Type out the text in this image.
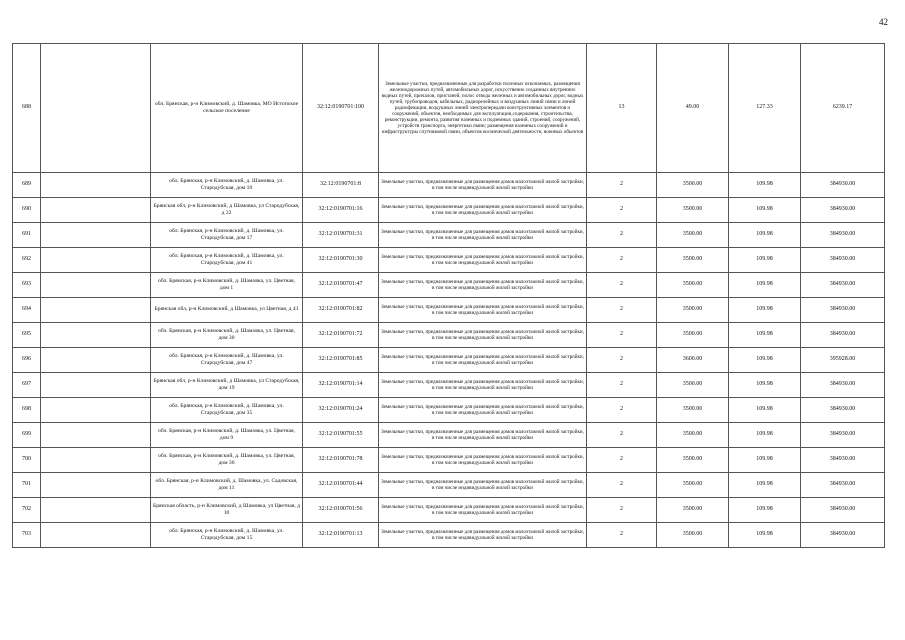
42
688		обл. Брянская, р-н Климовский, д. Шамовка, МО Истопское сельское поселение	32:12:0190701:100	Земельные участки, предназначенные для разработки полезных ископаемых, размещения железнодорожных путей, автомобильных дорог, искусственно созданных внутренних водных путей, причалов, пристаней, полос отвода железных и автомобильных дорог, водных путей, трубопроводов, кабельных, радиорелейных и воздушных линий связи и линий радиофикации, воздушных линий электропередачи конструктивных элементов и сооружений, объектов, необходимых для эксплуатации,содержания, строительства, реконструкции, ремонта, развития наземных и подземных зданий, строений, сооружений, устройств транспорта, энергетики связи; размещения наземных сооружений и инфраструктуры спутниковой связи, объектов космической деятельности, военных объектов	13	49.00	127.33	6239.17
689		обл. Брянская, р-н Климовский, д. Шамовка, ул. Стародубская, дом 10	32:12:0190701:8	Земельные участки, предназначенные для размещения домов малоэтажной жилой застройки, в том числе индивидуальной жилой застройки	2	3500.00	109.98	384930.00
690		Брянская обл, р-н Климовский, д Шамовка, ул Стародубская, д 22	32:12:0190701:16	Земельные участки, предназначенные для размещения домов малоэтажной жилой застройки, в том числе индивидуальной жилой застройки	2	3500.00	109.98	384930.00
691		обл. Брянская, р-н Климовский, д. Шамовка, ул. Стародубская, дом 17	32:12:0190701:31	Земельные участки, предназначенные для размещения домов малоэтажной жилой застройки, в том числе индивидуальной жилой застройки	2	3500.00	109.98	384930.00
692		обл. Брянская, р-н Климовский, д. Шамовка, ул. Стародубская, дом 41	32:12:0190701:30	Земельные участки, предназначенные для размещения домов малоэтажной жилой застройки, в том числе индивидуальной жилой застройки	2	3500.00	109.98	384930.00
693		обл. Брянская, р-н Климовский, д. Шамовка, ул. Цветная, дом 1	32:12:0190701:47	Земельные участки, предназначенные для размещения домов малоэтажной жилой застройки, в том числе индивидуальной жилой застройки	2	3500.00	109.98	384930.00
694		Брянская обл, р-н Климовский, д Шамовка, ул Цветная, д 41	32:12:0190701:82	Земельные участки, предназначенные для размещения домов малоэтажной жилой застройки, в том числе индивидуальной жилой застройки	2	3500.00	109.98	384930.00
695		обл. Брянская, р-н Климовский, д. Шамовка, ул. Цветная, дом 30	32:12:0190701:72	Земельные участки, предназначенные для размещения домов малоэтажной жилой застройки, в том числе индивидуальной жилой застройки	2	3500.00	109.98	384930.00
696		обл. Брянская, р-н Климовский, д. Шамовка, ул. Стародубская, дом 47	32:12:0190701:85	Земельные участки, предназначенные для размещения домов малоэтажной жилой застройки, в том числе индивидуальной жилой застройки	2	3600.00	109.98	395928.00
697		Брянская обл, р-н Климовский, д Шамовка, ул Стародубская, дом 19	32:12:0190701:14	Земельные участки, предназначенные для размещения домов малоэтажной жилой застройки, в том числе индивидуальной жилой застройки	2	3500.00	109.98	384930.00
698		обл. Брянская, р-н Климовский, д. Шамовка, ул. Стародубская, дом 35	32:12:0190701:24	Земельные участки, предназначенные для размещения домов малоэтажной жилой застройки, в том числе индивидуальной жилой застройки	2	3500.00	109.98	384930.00
699		обл. Брянская, р-н Климовский, д. Шамовка, ул. Цветная, дом 9	32:12:0190701:55	Земельные участки, предназначенные для размещения домов малоэтажной жилой застройки, в том числе индивидуальной жилой застройки	2	3500.00	109.98	384930.00
700		обл. Брянская, р-н Климовский, д. Шамовка, ул. Цветная, дом 36	32:12:0190701:78	Земельные участки, предназначенные для размещения домов малоэтажной жилой застройки, в том числе индивидуальной жилой застройки	2	3500.00	109.98	384930.00
701		обл. Брянская, р-н Климовский, д. Шамовка, ул. Садовская, дом 11	32:12:0190701:44	Земельные участки, предназначенные для размещения домов малоэтажной жилой застройки, в том числе индивидуальной жилой застройки	2	3500.00	109.98	384930.00
702		Брянская область, р-н Климовский, д Шамовка, ул Цветная, д 10	32:12:0190701:56	Земельные участки, предназначенные для размещения домов малоэтажной жилой застройки, в том числе индивидуальной жилой застройки	2	3500.00	109.98	384930.00
703		обл. Брянская, р-н Климовский, д. Шамовка, ул. Стародубская, дом 15	32:12:0190701:13	Земельные участки, предназначенные для размещения домов малоэтажной жилой застройки, в том числе индивидуальной жилой застройки	2	3500.00	109.98	384930.00
